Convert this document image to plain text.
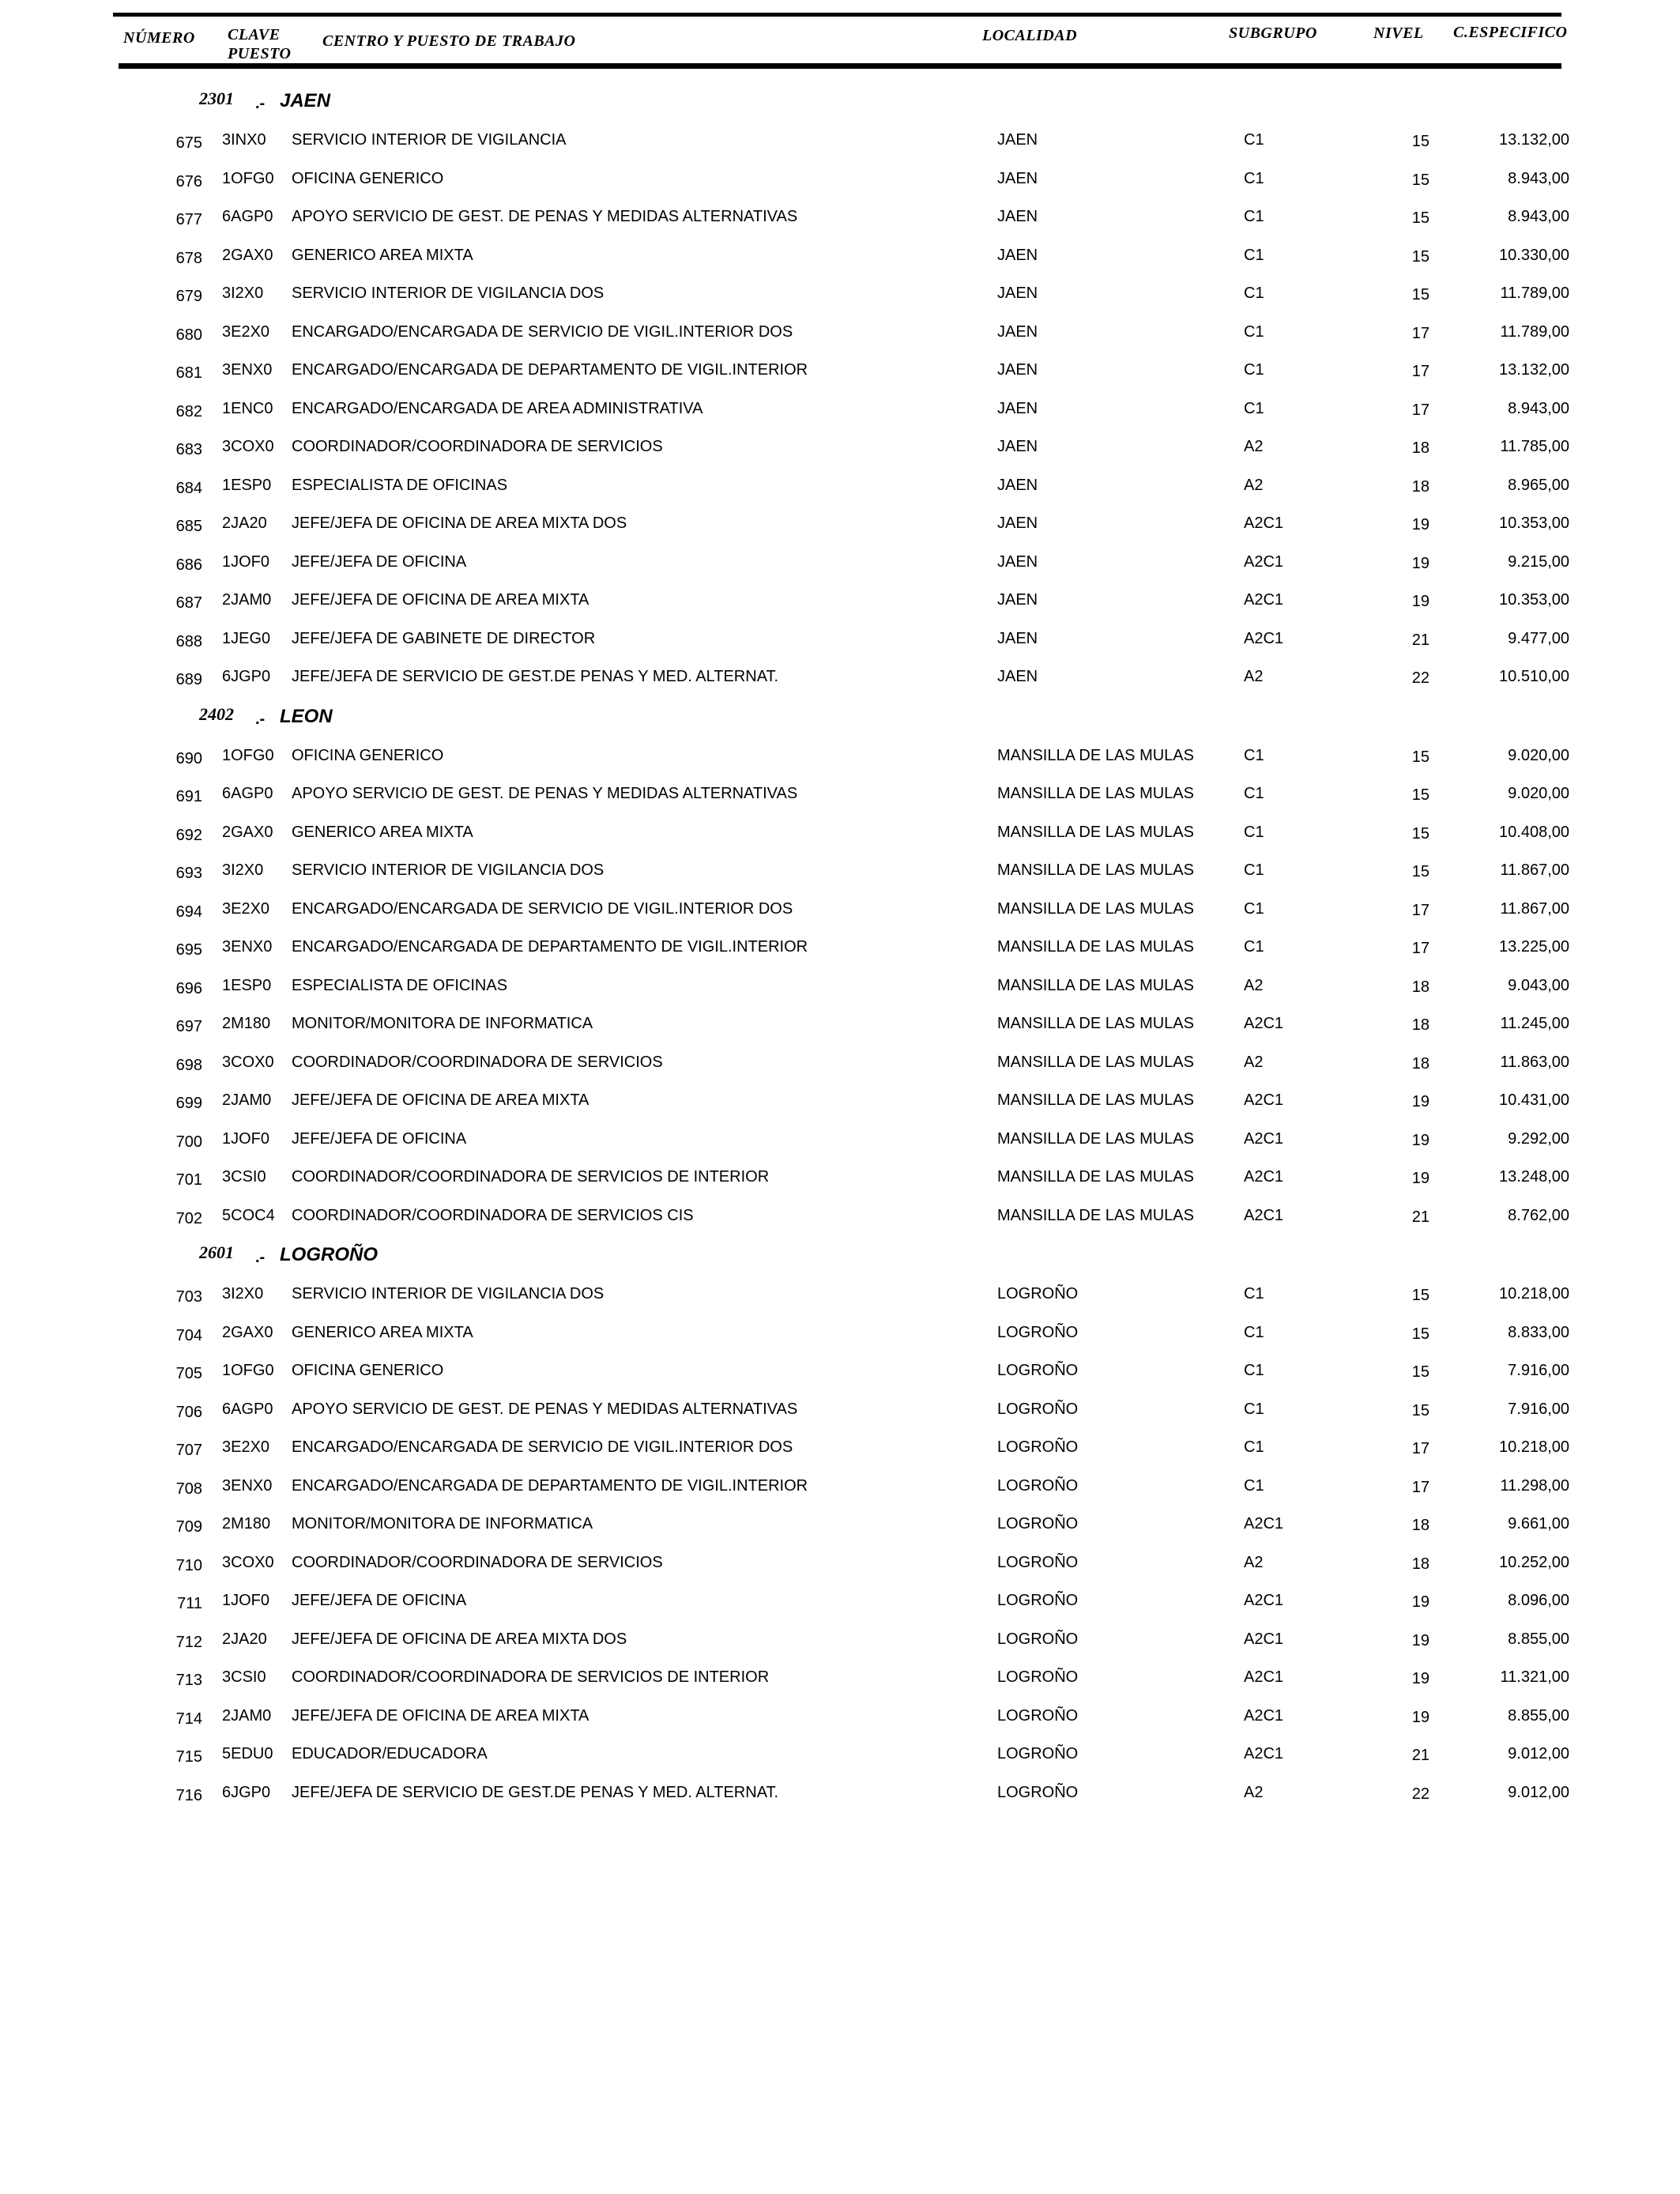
NÚMERO CLAVE
PUESTO
CENTRO Y PUESTO DE TRABAJO	LOCALIDAD	SUBGRUPO	NIVEL C.ESPECIFICO
2301 .- JAEN
675 3INX0 SERVICIO INTERIOR DE VIGILANCIA	JAEN	C1	15	13.132,00
676 1OFG0 OFICINA GENERICO	JAEN	C1	15	8.943,00
677 6AGP0 APOYO SERVICIO DE GEST. DE PENAS Y MEDIDAS ALTERNATIVAS	JAEN	C1	15	8.943,00
678 2GAX0 GENERICO AREA MIXTA	JAEN	C1	15	10.330,00
679 3I2X0 SERVICIO INTERIOR DE VIGILANCIA DOS	JAEN	C1	15	11.789,00
680 3E2X0 ENCARGADO/ENCARGADA DE SERVICIO DE VIGIL.INTERIOR DOS	JAEN	C1	17	11.789,00
681 3ENX0 ENCARGADO/ENCARGADA DE DEPARTAMENTO DE VIGIL.INTERIOR	JAEN	C1	17	13.132,00
682 1ENC0 ENCARGADO/ENCARGADA DE AREA ADMINISTRATIVA	JAEN	C1	17	8.943,00
683 3COX0 COORDINADOR/COORDINADORA DE SERVICIOS	JAEN	A2	18	11.785,00
684 1ESP0 ESPECIALISTA DE OFICINAS	JAEN	A2	18	8.965,00
685 2JA20 JEFE/JEFA DE OFICINA DE AREA MIXTA DOS	JAEN	A2C1	19	10.353,00
686 1JOF0 JEFE/JEFA DE OFICINA	JAEN	A2C1	19	9.215,00
687 2JAM0 JEFE/JEFA DE OFICINA DE AREA MIXTA	JAEN	A2C1	19	10.353,00
688 1JEG0 JEFE/JEFA DE GABINETE DE DIRECTOR	JAEN	A2C1	21	9.477,00
689 6JGP0 JEFE/JEFA DE SERVICIO DE GEST.DE PENAS Y MED. ALTERNAT.	JAEN	A2	22	10.510,00
2402 .- LEON
690 1OFG0 OFICINA GENERICO	MANSILLA DE LAS MULAS	C1	15	9.020,00
691 6AGP0 APOYO SERVICIO DE GEST. DE PENAS Y MEDIDAS ALTERNATIVAS	MANSILLA DE LAS MULAS	C1	15	9.020,00
692 2GAX0 GENERICO AREA MIXTA	MANSILLA DE LAS MULAS	C1	15	10.408,00
693 3I2X0 SERVICIO INTERIOR DE VIGILANCIA DOS	MANSILLA DE LAS MULAS	C1	15	11.867,00
694 3E2X0 ENCARGADO/ENCARGADA DE SERVICIO DE VIGIL.INTERIOR DOS	MANSILLA DE LAS MULAS	C1	17	11.867,00
695 3ENX0 ENCARGADO/ENCARGADA DE DEPARTAMENTO DE VIGIL.INTERIOR	MANSILLA DE LAS MULAS	C1	17	13.225,00
696 1ESP0 ESPECIALISTA DE OFICINAS	MANSILLA DE LAS MULAS	A2	18	9.043,00
697 2M180 MONITOR/MONITORA DE INFORMATICA	MANSILLA DE LAS MULAS	A2C1	18	11.245,00
698 3COX0 COORDINADOR/COORDINADORA DE SERVICIOS	MANSILLA DE LAS MULAS	A2	18	11.863,00
699 2JAM0 JEFE/JEFA DE OFICINA DE AREA MIXTA	MANSILLA DE LAS MULAS	A2C1	19	10.431,00
700 1JOF0 JEFE/JEFA DE OFICINA	MANSILLA DE LAS MULAS	A2C1	19	9.292,00
701 3CSI0 COORDINADOR/COORDINADORA DE SERVICIOS DE INTERIOR	MANSILLA DE LAS MULAS	A2C1	19	13.248,00
702 5COC4 COORDINADOR/COORDINADORA DE SERVICIOS CIS	MANSILLA DE LAS MULAS	A2C1	21	8.762,00
2601 .- LOGROÑO
703 3I2X0 SERVICIO INTERIOR DE VIGILANCIA DOS	LOGROÑO	C1	15	10.218,00
704 2GAX0 GENERICO AREA MIXTA	LOGROÑO	C1	15	8.833,00
705 1OFG0 OFICINA GENERICO	LOGROÑO	C1	15	7.916,00
706 6AGP0 APOYO SERVICIO DE GEST. DE PENAS Y MEDIDAS ALTERNATIVAS	LOGROÑO	C1	15	7.916,00
707 3E2X0 ENCARGADO/ENCARGADA DE SERVICIO DE VIGIL.INTERIOR DOS	LOGROÑO	C1	17	10.218,00
708 3ENX0 ENCARGADO/ENCARGADA DE DEPARTAMENTO DE VIGIL.INTERIOR	LOGROÑO	C1	17	11.298,00
709 2M180 MONITOR/MONITORA DE INFORMATICA	LOGROÑO	A2C1	18	9.661,00
710 3COX0 COORDINADOR/COORDINADORA DE SERVICIOS	LOGROÑO	A2	18	10.252,00
711 1JOF0 JEFE/JEFA DE OFICINA	LOGROÑO	A2C1	19	8.096,00
712 2JA20 JEFE/JEFA DE OFICINA DE AREA MIXTA DOS	LOGROÑO	A2C1	19	8.855,00
713 3CSI0 COORDINADOR/COORDINADORA DE SERVICIOS DE INTERIOR	LOGROÑO	A2C1	19	11.321,00
714 2JAM0 JEFE/JEFA DE OFICINA DE AREA MIXTA	LOGROÑO	A2C1	19	8.855,00
715 5EDU0 EDUCADOR/EDUCADORA	LOGROÑO	A2C1	21	9.012,00
716 6JGP0 JEFE/JEFA DE SERVICIO DE GEST.DE PENAS Y MED. ALTERNAT.	LOGROÑO	A2	22	9.012,00
